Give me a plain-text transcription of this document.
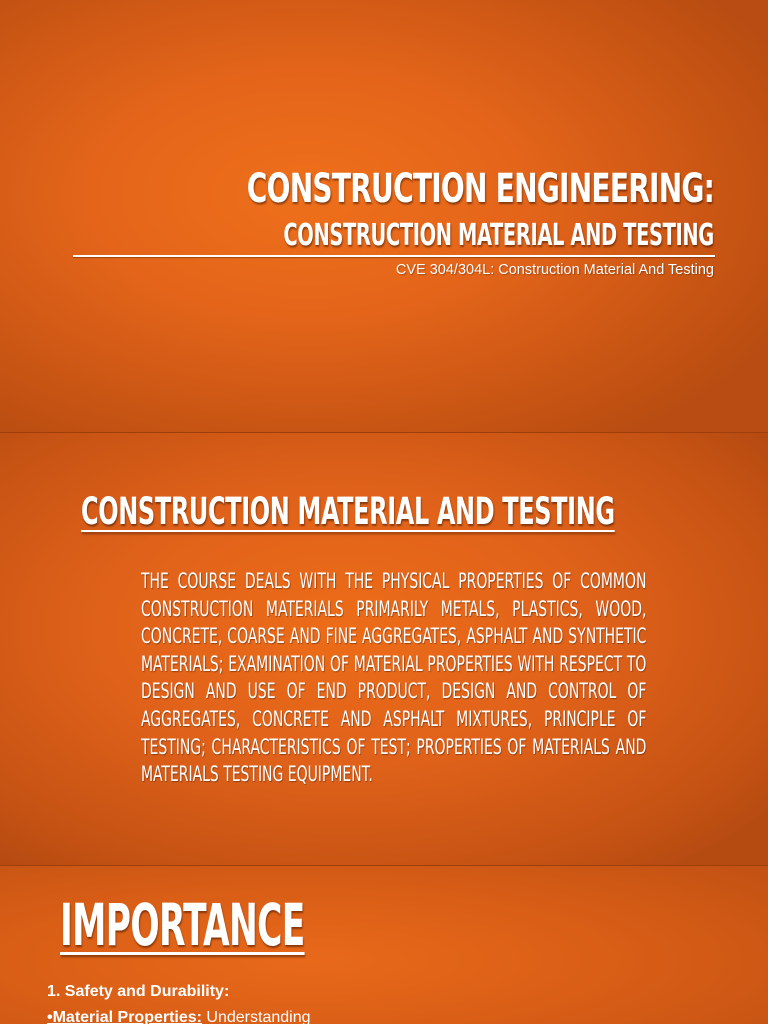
CONSTRUCTION ENGINEERING:
CONSTRUCTION MATERIAL AND TESTING
CVE 304/304L: Construction Material And Testing
CONSTRUCTION MATERIAL AND TESTING
THE COURSE DEALS WITH THE PHYSICAL PROPERTIES OF COMMON CONSTRUCTION MATERIALS PRIMARILY METALS, PLASTICS, WOOD, CONCRETE, COARSE AND FINE AGGREGATES, ASPHALT AND SYNTHETIC MATERIALS; EXAMINATION OF MATERIAL PROPERTIES WITH RESPECT TO DESIGN AND USE OF END PRODUCT, DESIGN AND CONTROL OF AGGREGATES, CONCRETE AND ASPHALT MIXTURES, PRINCIPLE OF TESTING; CHARACTERISTICS OF TEST; PROPERTIES OF MATERIALS AND MATERIALS TESTING EQUIPMENT.
IMPORTANCE
1. Safety and Durability:
•Material Properties: Understanding
